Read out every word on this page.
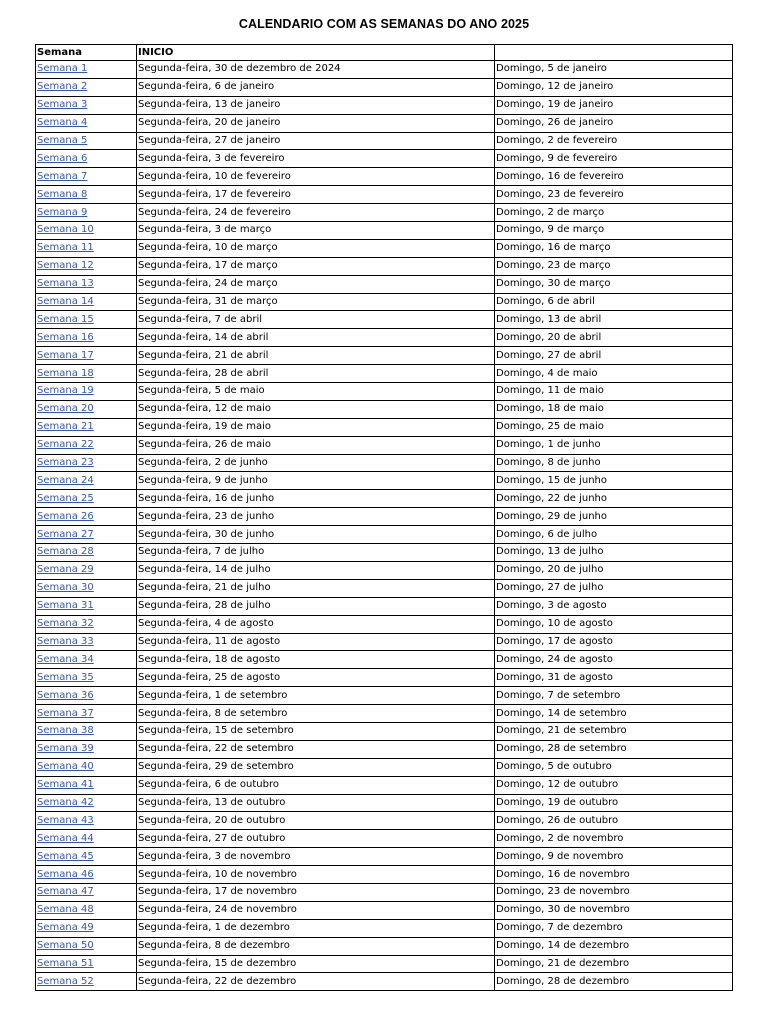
CALENDARIO COM AS SEMANAS DO ANO 2025
Semana	INICIO	
Semana 1	Segunda-feira, 30 de dezembro de 2024	Domingo, 5 de janeiro
Semana 2	Segunda-feira, 6 de janeiro	Domingo, 12 de janeiro
Semana 3	Segunda-feira, 13 de janeiro	Domingo, 19 de janeiro
Semana 4	Segunda-feira, 20 de janeiro	Domingo, 26 de janeiro
Semana 5	Segunda-feira, 27 de janeiro	Domingo, 2 de fevereiro
Semana 6	Segunda-feira, 3 de fevereiro	Domingo, 9 de fevereiro
Semana 7	Segunda-feira, 10 de fevereiro	Domingo, 16 de fevereiro
Semana 8	Segunda-feira, 17 de fevereiro	Domingo, 23 de fevereiro
Semana 9	Segunda-feira, 24 de fevereiro	Domingo, 2 de março
Semana 10	Segunda-feira, 3 de março	Domingo, 9 de março
Semana 11	Segunda-feira, 10 de março	Domingo, 16 de março
Semana 12	Segunda-feira, 17 de março	Domingo, 23 de março
Semana 13	Segunda-feira, 24 de março	Domingo, 30 de março
Semana 14	Segunda-feira, 31 de março	Domingo, 6 de abril
Semana 15	Segunda-feira, 7 de abril	Domingo, 13 de abril
Semana 16	Segunda-feira, 14 de abril	Domingo, 20 de abril
Semana 17	Segunda-feira, 21 de abril	Domingo, 27 de abril
Semana 18	Segunda-feira, 28 de abril	Domingo, 4 de maio
Semana 19	Segunda-feira, 5 de maio	Domingo, 11 de maio
Semana 20	Segunda-feira, 12 de maio	Domingo, 18 de maio
Semana 21	Segunda-feira, 19 de maio	Domingo, 25 de maio
Semana 22	Segunda-feira, 26 de maio	Domingo, 1 de junho
Semana 23	Segunda-feira, 2 de junho	Domingo, 8 de junho
Semana 24	Segunda-feira, 9 de junho	Domingo, 15 de junho
Semana 25	Segunda-feira, 16 de junho	Domingo, 22 de junho
Semana 26	Segunda-feira, 23 de junho	Domingo, 29 de junho
Semana 27	Segunda-feira, 30 de junho	Domingo, 6 de julho
Semana 28	Segunda-feira, 7 de julho	Domingo, 13 de julho
Semana 29	Segunda-feira, 14 de julho	Domingo, 20 de julho
Semana 30	Segunda-feira, 21 de julho	Domingo, 27 de julho
Semana 31	Segunda-feira, 28 de julho	Domingo, 3 de agosto
Semana 32	Segunda-feira, 4 de agosto	Domingo, 10 de agosto
Semana 33	Segunda-feira, 11 de agosto	Domingo, 17 de agosto
Semana 34	Segunda-feira, 18 de agosto	Domingo, 24 de agosto
Semana 35	Segunda-feira, 25 de agosto	Domingo, 31 de agosto
Semana 36	Segunda-feira, 1 de setembro	Domingo, 7 de setembro
Semana 37	Segunda-feira, 8 de setembro	Domingo, 14 de setembro
Semana 38	Segunda-feira, 15 de setembro	Domingo, 21 de setembro
Semana 39	Segunda-feira, 22 de setembro	Domingo, 28 de setembro
Semana 40	Segunda-feira, 29 de setembro	Domingo, 5 de outubro
Semana 41	Segunda-feira, 6 de outubro	Domingo, 12 de outubro
Semana 42	Segunda-feira, 13 de outubro	Domingo, 19 de outubro
Semana 43	Segunda-feira, 20 de outubro	Domingo, 26 de outubro
Semana 44	Segunda-feira, 27 de outubro	Domingo, 2 de novembro
Semana 45	Segunda-feira, 3 de novembro	Domingo, 9 de novembro
Semana 46	Segunda-feira, 10 de novembro	Domingo, 16 de novembro
Semana 47	Segunda-feira, 17 de novembro	Domingo, 23 de novembro
Semana 48	Segunda-feira, 24 de novembro	Domingo, 30 de novembro
Semana 49	Segunda-feira, 1 de dezembro	Domingo, 7 de dezembro
Semana 50	Segunda-feira, 8 de dezembro	Domingo, 14 de dezembro
Semana 51	Segunda-feira, 15 de dezembro	Domingo, 21 de dezembro
Semana 52	Segunda-feira, 22 de dezembro	Domingo, 28 de dezembro
